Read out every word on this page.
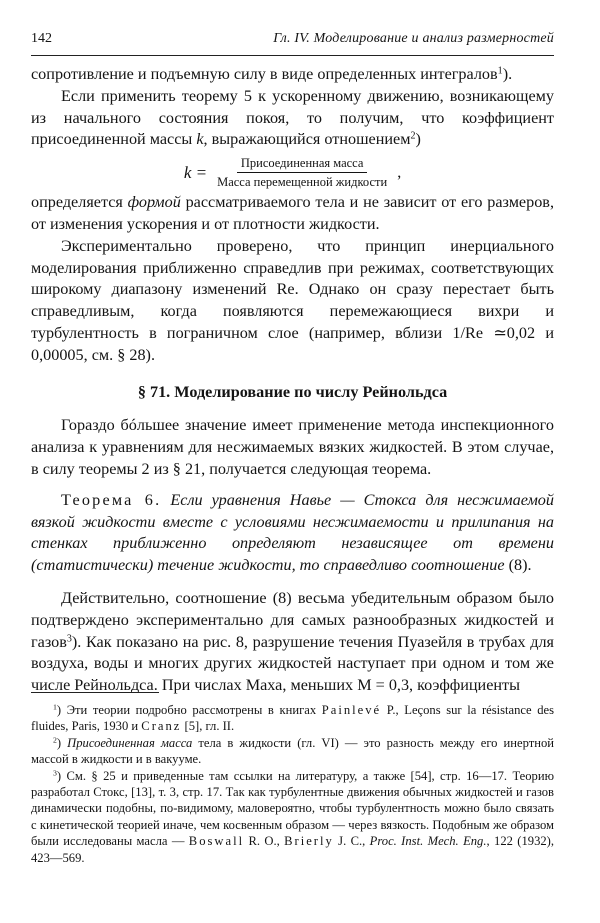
142	Гл. IV. Моделирование и анализ размерностей

сопротивление и подъемную силу в виде определенных интегралов$^1$).

Если применить теорему 5 к ускоренному движению, возникающему из начального состояния покоя, то получим, что коэффициент присоединенной массы k, выражающийся отношением$^2$)

$k = \frac{\text{Присоединенная масса}}{\text{Масса перемещенной жидкости}}$ ,

определяется формой рассматриваемого тела и не зависит от его размеров, от изменения ускорения и от плотности жидкости.

Экспериментально проверено, что принцип инерциального моделирования приближенно справедлив при режимах, соответствующих широкому диапазону изменений Re. Однако он сразу перестает быть справедливым, когда появляются перемежающиеся вихри и турбулентность в пограничном слое (например, вблизи 1/Re ≃0,02 и 0,00005, см. § 28).

§ 71. Моделирование по числу Рейнольдса

Гораздо бóльшее значение имеет применение метода инспекционного анализа к уравнениям для несжимаемых вязких жидкостей. В этом случае, в силу теоремы 2 из § 21, получается следующая теорема.

Теорема 6. Если уравнения Навье — Стокса для несжимаемой вязкой жидкости вместе с условиями несжимаемости и прилипания на стенках приближенно определяют независящее от времени (статистически) течение жидкости, то справедливо соотношение (8).

Действительно, соотношение (8) весьма убедительным образом было подтверждено экспериментально для самых разнообразных жидкостей и газов$^3$). Как показано на рис. 8, разрушение течения Пуазейля в трубах для воздуха, воды и многих других жидкостей наступает при одном и том же числе Рейнольдса. При числах Маха, меньших M = 0,3, коэффициенты

$^1$) Эти теории подробно рассмотрены в книгах Painlevé P., Leçons sur la résistance des fluides, Paris, 1930 и Cranz [5], гл. II.

$^2$) Присоединенная масса тела в жидкости (гл. VI) — это разность между его инертной массой в жидкости и в вакууме.

$^3$) См. § 25 и приведенные там ссылки на литературу, а также [54], стр. 16—17. Теорию разработал Стокс, [13], т. 3, стр. 17. Так как турбулентные движения обычных жидкостей и газов динамически подобны, по-видимому, маловероятно, чтобы турбулентность можно было связать с кинетической теорией иначе, чем косвенным образом — через вязкость. Подобным же образом были исследованы масла — Boswall R. O., Brierly J. C., Proc. Inst. Mech. Eng., 122 (1932), 423—569.
